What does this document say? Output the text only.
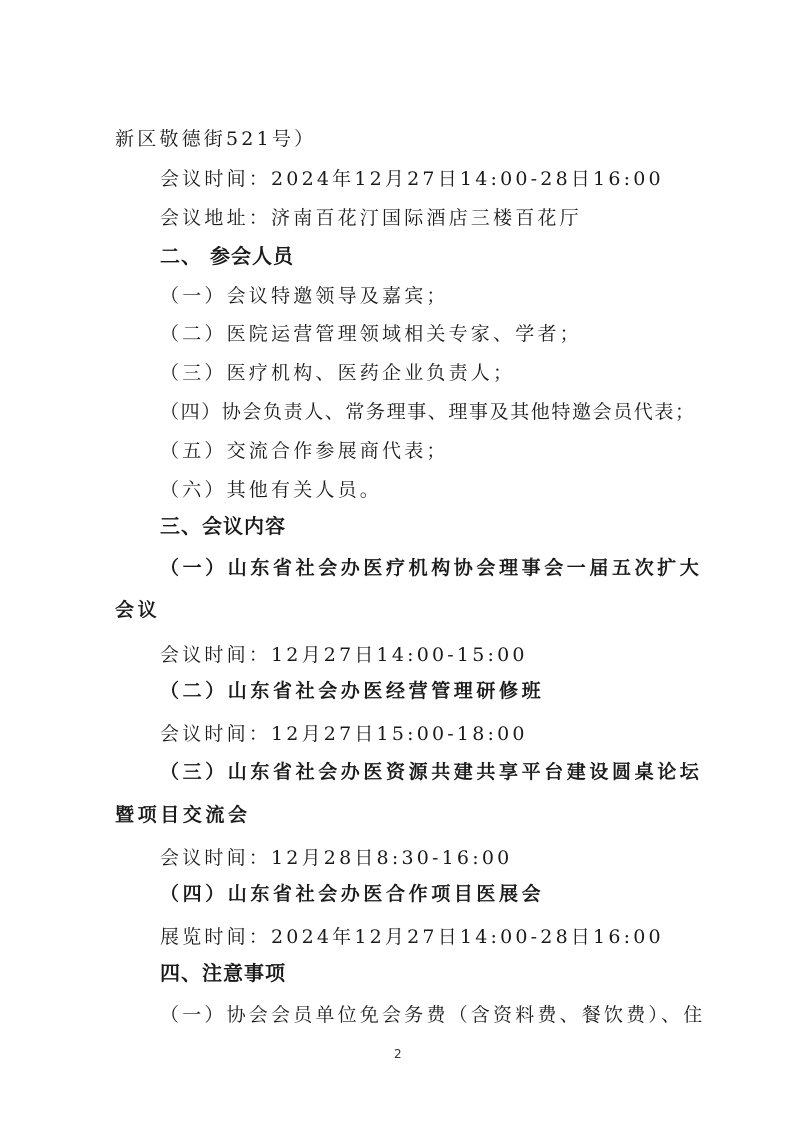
新区敬德街521号）
会议时间：2024年12月27日14:00-28日16:00
会议地址：济南百花汀国际酒店三楼百花厅
二、 参会人员
（一）会议特邀领导及嘉宾；
（二）医院运营管理领域相关专家、学者；
（三）医疗机构、医药企业负责人；
（四）协会负责人、常务理事、理事及其他特邀会员代表；
（五）交流合作参展商代表；
（六）其他有关人员。
三、会议内容
（一）山东省社会办医疗机构协会理事会一届五次扩大
会议
会议时间：12月27日14:00-15:00
（二）山东省社会办医经营管理研修班
会议时间：12月27日15:00-18:00
（三）山东省社会办医资源共建共享平台建设圆桌论坛
暨项目交流会
会议时间：12月28日8:30-16:00
（四）山东省社会办医合作项目医展会
展览时间：2024年12月27日14:00-28日16:00
四、注意事项
（一）协会会员单位免会务费（含资料费、餐饮费）、住
2
